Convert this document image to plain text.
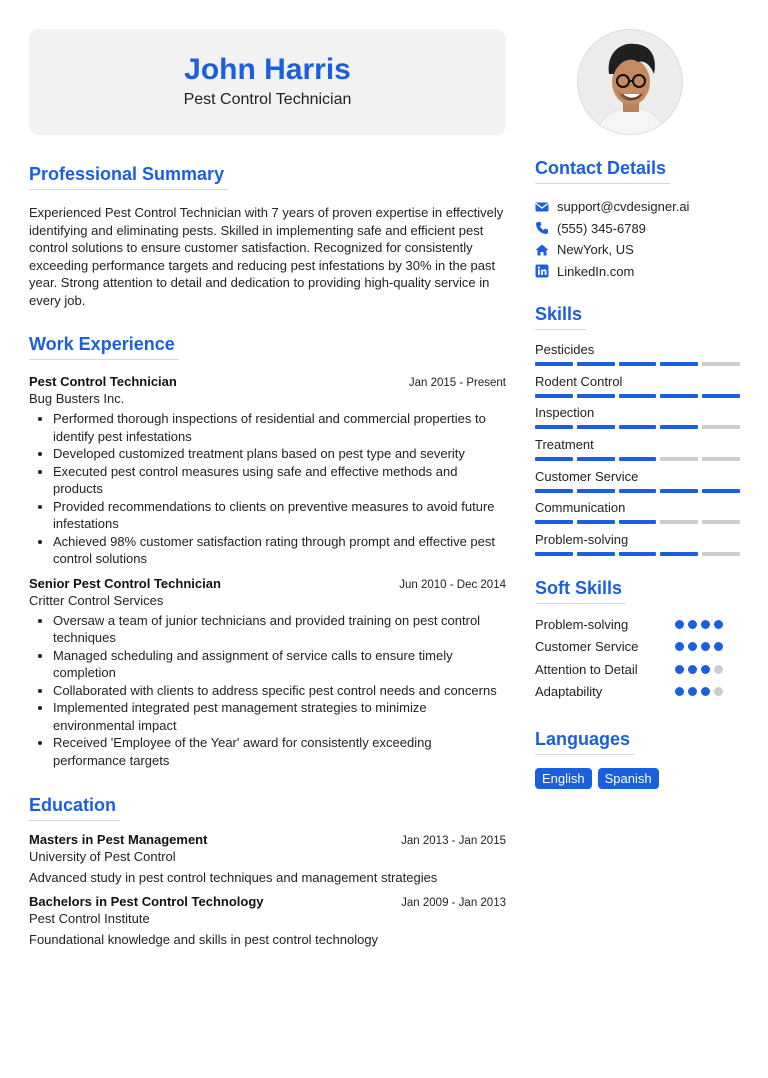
John Harris
Pest Control Technician
Professional Summary

Experienced Pest Control Technician with 7 years of proven expertise in effectively identifying and eliminating pests. Skilled in implementing safe and efficient pest control solutions to ensure customer satisfaction. Recognized for consistently exceeding performance targets and reducing pest infestations by 30% in the past year. Strong attention to detail and dedication to providing high-quality service in every job.

Work Experience
Pest Control Technician	Jan 2015 - Present
Bug Busters Inc.
• Performed thorough inspections of residential and commercial properties to identify pest infestations
• Developed customized treatment plans based on pest type and severity
• Executed pest control measures using safe and effective methods and products
• Provided recommendations to clients on preventive measures to avoid future infestations
• Achieved 98% customer satisfaction rating through prompt and effective pest control solutions
Senior Pest Control Technician	Jun 2010 - Dec 2014
Critter Control Services
• Oversaw a team of junior technicians and provided training on pest control techniques
• Managed scheduling and assignment of service calls to ensure timely completion
• Collaborated with clients to address specific pest control needs and concerns
• Implemented integrated pest management strategies to minimize environmental impact
• Received 'Employee of the Year' award for consistently exceeding performance targets
Education
Masters in Pest Management	Jan 2013 - Jan 2015
University of Pest Control
Advanced study in pest control techniques and management strategies
Bachelors in Pest Control Technology	Jan 2009 - Jan 2013
Pest Control Institute
Foundational knowledge and skills in pest control technology
Contact Details
support@cvdesigner.ai
(555) 345-6789
NewYork, US
LinkedIn.com
Skills
Pesticides
Rodent Control
Inspection
Treatment
Customer Service
Communication
Problem-solving
Soft Skills
Problem-solving
Customer Service
Attention to Detail
Adaptability
Languages
English	Spanish
